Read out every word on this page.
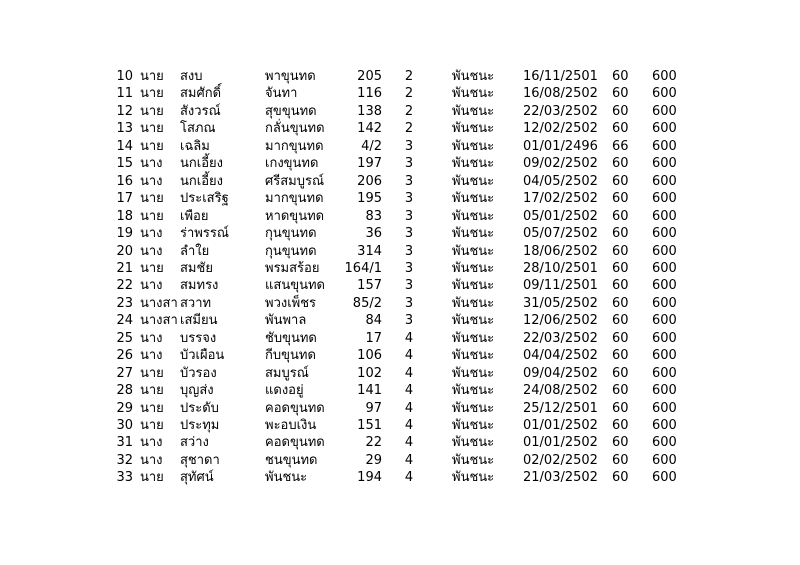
10 นาย สงบ	พาขุนทด	205	2	พันชนะ 16/11/2501 60 600
11 นาย สมศักดิ์	จันทา	116	2	พันชนะ 16/08/2502 60 600
12 นาย สังวรณ์	สุขขุนทด	138	2	พันชนะ 22/03/2502 60 600
13 นาย โสภณ	กลั่นขุนทด	142	2	พันชนะ 12/02/2502 60 600
14 นาย เฉลิม	มากขุนทด	4/2	3	พันชนะ 01/01/2496 66 600
15 นาง นกเอี้ยง	เกงขุนทด	197	3	พันชนะ 09/02/2502 60 600
16 นาง นกเอี้ยง	ศรีสมบูรณ์	206	3	พันชนะ 04/05/2502 60 600
17 นาย ประเสริฐ	มากขุนทด	195	3	พันชนะ 17/02/2502 60 600
18 นาย เพือย	หาดขุนทด	83	3	พันชนะ 05/01/2502 60 600
19 นาง ร่าพรรณ์	กุนขุนทด	36	3	พันชนะ 05/07/2502 60 600
20 นาง ลำใย	กุนขุนทด	314	3	พันชนะ 18/06/2502 60 600
21 นาย สมชัย	พรมสร้อย	164/1	3	พันชนะ 28/10/2501 60 600
22 นาง สมทรง	แสนขุนทด	157	3	พันชนะ 09/11/2501 60 600
23 นางสา สวาท	พวงเพ็ชร	85/2	3	พันชนะ 31/05/2502 60 600
24 นางสา เสมียน	พันพาล	84	3	พันชนะ 12/06/2502 60 600
25 นาง บรรจง	ชับขุนทด	17	4	พันชนะ 22/03/2502 60 600
26 นาง บัวเผือน	กีบขุนทด	106	4	พันชนะ 04/04/2502 60 600
27 นาย บัวรอง	สมบูรณ์	102	4	พันชนะ 09/04/2502 60 600
28 นาย บุญส่ง	แดงอยู่	141	4	พันชนะ 24/08/2502 60 600
29 นาย ประดับ	คอดขุนทด	97	4	พันชนะ 25/12/2501 60 600
30 นาย ประทุม	พะอบเงิน	151	4	พันชนะ 01/01/2502 60 600
31 นาง สว่าง	คอดขุนทด	22	4	พันชนะ 01/01/2502 60 600
32 นาง สุชาดา	ชนขุนทด	29	4	พันชนะ 02/02/2502 60 600
33 นาย สุทัศน์	พันชนะ	194	4	พันชนะ 21/03/2502 60 600
